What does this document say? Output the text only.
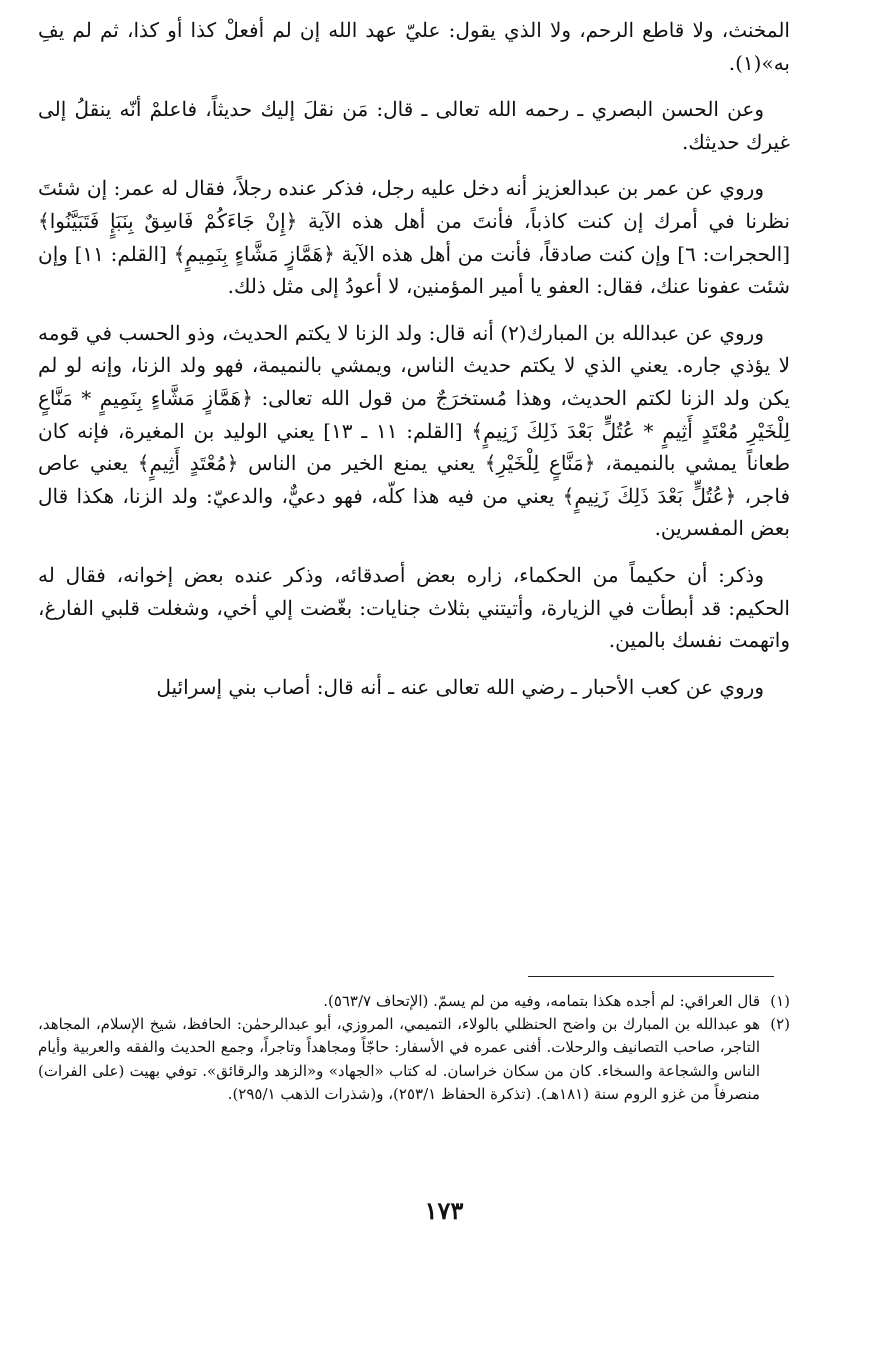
المخنث، ولا قاطع الرحم، ولا الذي يقول: عليّ عهد الله إن لم أفعلْ كذا أو كذا، ثم لم يفِ به»(١).

وعن الحسن البصري ـ رحمه الله تعالى ـ قال: مَن نقلَ إليك حديثاً، فاعلمْ أنّه ينقلُ إلى غيرك حديثك.

وروي عن عمر بن عبدالعزيز أنه دخل عليه رجل، فذكر عنده رجلاً، فقال له عمر: إن شئتَ نظرنا في أمرك إن كنت كاذباً، فأنتَ من أهل هذه الآية ﴿إِنْ جَاءَكُمْ فَاسِقٌ بِنَبَإٍ فَتَبَيَّنُوا﴾ [الحجرات: ٦] وإن كنت صادقاً، فأنت من أهل هذه الآية ﴿هَمَّازٍ مَشَّاءٍ بِنَمِيمٍ﴾ [القلم: ١١] وإن شئت عفونا عنك، فقال: العفو يا أمير المؤمنين، لا أعودُ إلى مثل ذلك.

وروي عن عبدالله بن المبارك(٢) أنه قال: ولد الزنا لا يكتم الحديث، وذو الحسب في قومه لا يؤذي جاره. يعني الذي لا يكتم حديث الناس، ويمشي بالنميمة، فهو ولد الزنا، وإنه لو لم يكن ولد الزنا لكتم الحديث، وهذا مُستخرَجٌ من قول الله تعالى: ﴿هَمَّازٍ مَشَّاءٍ بِنَمِيمٍ * مَنَّاعٍ لِلْخَيْرِ مُعْتَدٍ أَثِيمٍ * عُتُلٍّ بَعْدَ ذَلِكَ زَنِيمٍ﴾ [القلم: ١١ ـ ١٣] يعني الوليد بن المغيرة، فإنه كان طعاناً يمشي بالنميمة، ﴿مَنَّاعٍ لِلْخَيْرِ﴾ يعني يمنع الخير من الناس ﴿مُعْتَدٍ أَثِيمٍ﴾ يعني عاص فاجر، ﴿عُتُلٍّ بَعْدَ ذَلِكَ زَنِيمٍ﴾ يعني من فيه هذا كلّه، فهو دعيٌّ، والدعيّ: ولد الزنا، هكذا قال بعض المفسرين.

وذكر: أن حكيماً من الحكماء، زاره بعض أصدقائه، وذكر عنده بعض إخوانه، فقال له الحكيم: قد أبطأت في الزيارة، وأتيتني بثلاث جنايات: بغّضت إلي أخي، وشغلت قلبي الفارغ، واتهمت نفسك بالمين.

وروي عن كعب الأحبار ـ رضي الله تعالى عنه ـ أنه قال: أصاب بني إسرائيل

(١)
قال العراقي: لم أجده هكذا بتمامه، وفيه من لم يسمّ. (الإتحاف ٥٦٣/٧).
(٢)
هو عبدالله بن المبارك بن واضح الحنظلي بالولاء، التميمي، المروزي، أبو عبدالرحمٰن: الحافظ، شيخ الإسلام، المجاهد، التاجر، صاحب التصانيف والرحلات. أفنى عمره في الأسفار: حاجّاً ومجاهداً وتاجراً، وجمع الحديث والفقه والعربية وأيام الناس والشجاعة والسخاء. كان من سكان خراسان. له كتاب «الجهاد» و«الزهد والرقائق». توفي بهيت (على الفرات) منصرفاً من غزو الروم سنة (١٨١هـ). (تذكرة الحفاظ ٢٥٣/١)، و(شذرات الذهب ٢٩٥/١).
١٧٣
